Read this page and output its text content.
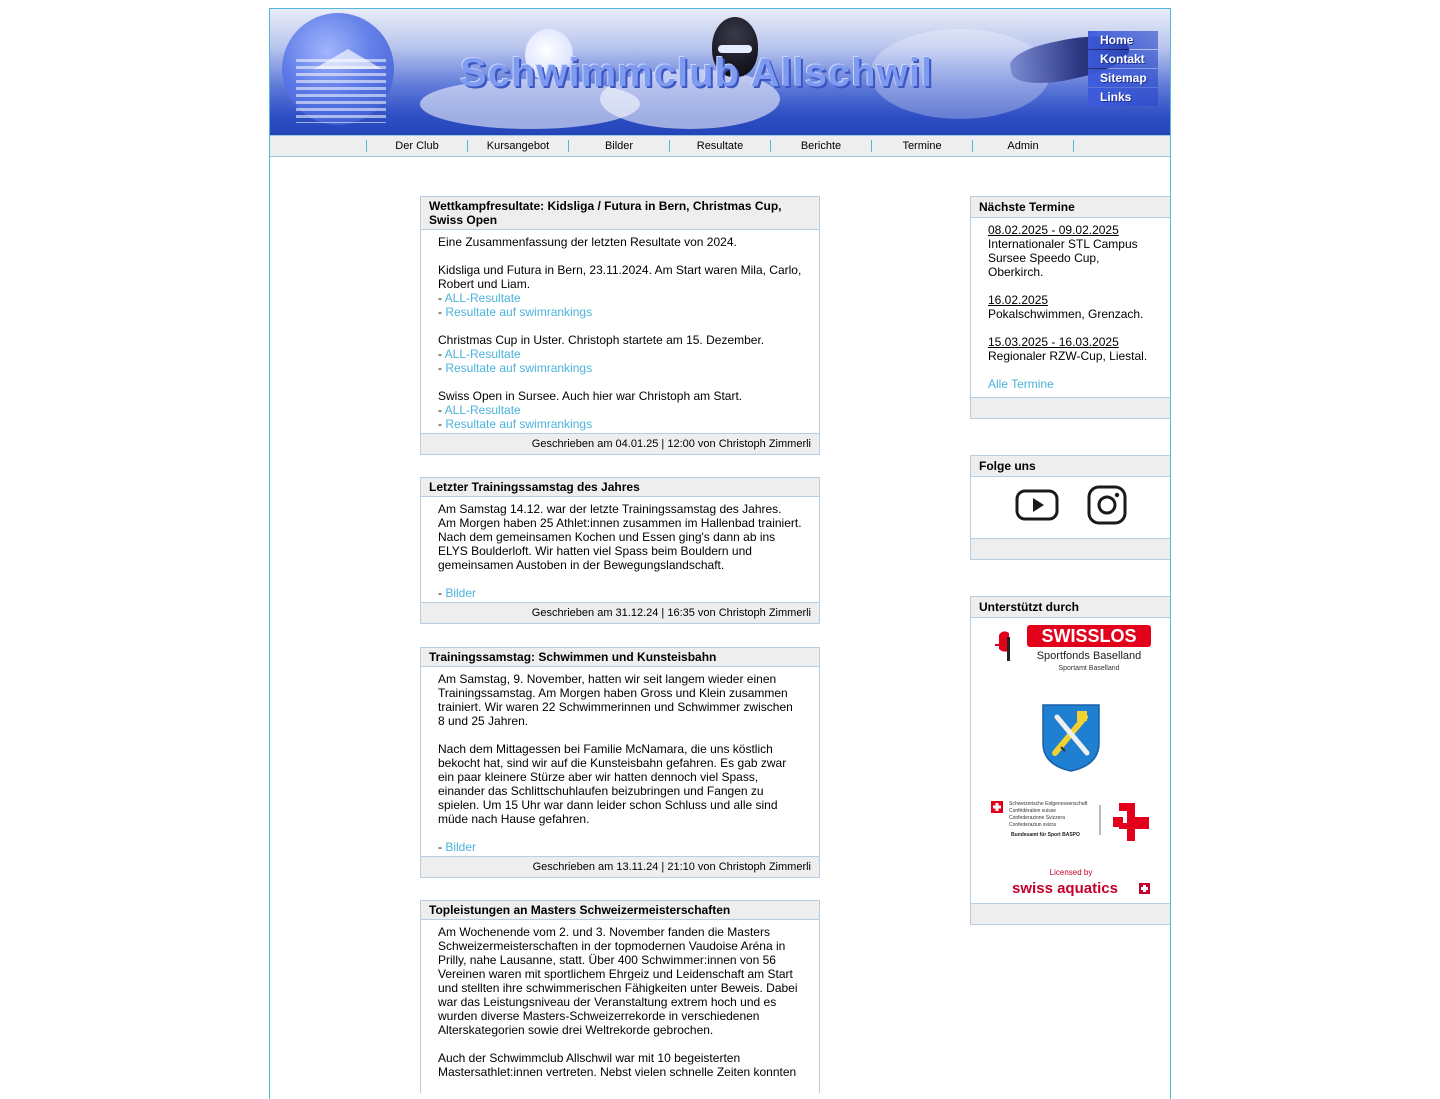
Schwimmclub Allschwil
Home
Kontakt
Sitemap
Links
Der Club	Kursangebot	Bilder	Resultate	Berichte	Termine	Admin
Wettkampfresultate: Kidsliga / Futura in Bern, Christmas Cup, Swiss Open

Eine Zusammenfassung der letzten Resultate von 2024.

Kidsliga und Futura in Bern, 23.11.2024. Am Start waren Mila, Carlo, Robert und Liam.
- ALL-Resultate
- Resultate auf swimrankings

Christmas Cup in Uster. Christoph startete am 15. Dezember.
- ALL-Resultate
- Resultate auf swimrankings

Swiss Open in Sursee. Auch hier war Christoph am Start.
- ALL-Resultate
- Resultate auf swimrankings

Geschrieben am 04.01.25 | 12:00 von Christoph Zimmerli
Letzter Trainingssamstag des Jahres

Am Samstag 14.12. war der letzte Trainingssamstag des Jahres. Am Morgen haben 25 Athlet:innen zusammen im Hallenbad trainiert. Nach dem gemeinsamen Kochen und Essen ging's dann ab ins ELYS Boulderloft. Wir hatten viel Spass beim Bouldern und gemeinsamen Austoben in der Bewegungslandschaft.

- Bilder

Geschrieben am 31.12.24 | 16:35 von Christoph Zimmerli
Trainingssamstag: Schwimmen und Kunsteisbahn

Am Samstag, 9. November, hatten wir seit langem wieder einen Trainingssamstag. Am Morgen haben Gross und Klein zusammen trainiert. Wir waren 22 Schwimmerinnen und Schwimmer zwischen 8 und 25 Jahren.

Nach dem Mittagessen bei Familie McNamara, die uns köstlich bekocht hat, sind wir auf die Kunsteisbahn gefahren. Es gab zwar ein paar kleinere Stürze aber wir hatten dennoch viel Spass, einander das Schlittschuhlaufen beizubringen und Fangen zu spielen. Um 15 Uhr war dann leider schon Schluss und alle sind müde nach Hause gefahren.

- Bilder

Geschrieben am 13.11.24 | 21:10 von Christoph Zimmerli
Topleistungen an Masters Schweizermeisterschaften

Am Wochenende vom 2. und 3. November fanden die Masters Schweizermeisterschaften in der topmodernen Vaudoise Aréna in Prilly, nahe Lausanne, statt. Über 400 Schwimmer:innen von 56 Vereinen waren mit sportlichem Ehrgeiz und Leidenschaft am Start und stellten ihre schwimmerischen Fähigkeiten unter Beweis. Dabei war das Leistungsniveau der Veranstaltung extrem hoch und es wurden diverse Masters-Schweizerrekorde in verschiedenen Alterskategorien sowie drei Weltrekorde gebrochen.

Auch der Schwimmclub Allschwil war mit 10 begeisterten Mastersathlet:innen vertreten. Nebst vielen schnelle Zeiten konnten

Nächste Termine
08.02.2025 - 09.02.2025
Internationaler STL Campus Sursee Speedo Cup, Oberkirch.
16.02.2025
Pokalschwimmen, Grenzach.
15.03.2025 - 16.03.2025
Regionaler RZW-Cup, Liestal.
Alle Termine
Folge uns
Unterstützt durch
SWISSLOS
Sportfonds Baselland
Sportamt Baselland
Schweizerische Eidgenossenschaft
Confédération suisse
Confederazione Svizzera
Confederaziun svizra
Bundesamt für Sport BASPO
Licensed by
swiss aquatics
